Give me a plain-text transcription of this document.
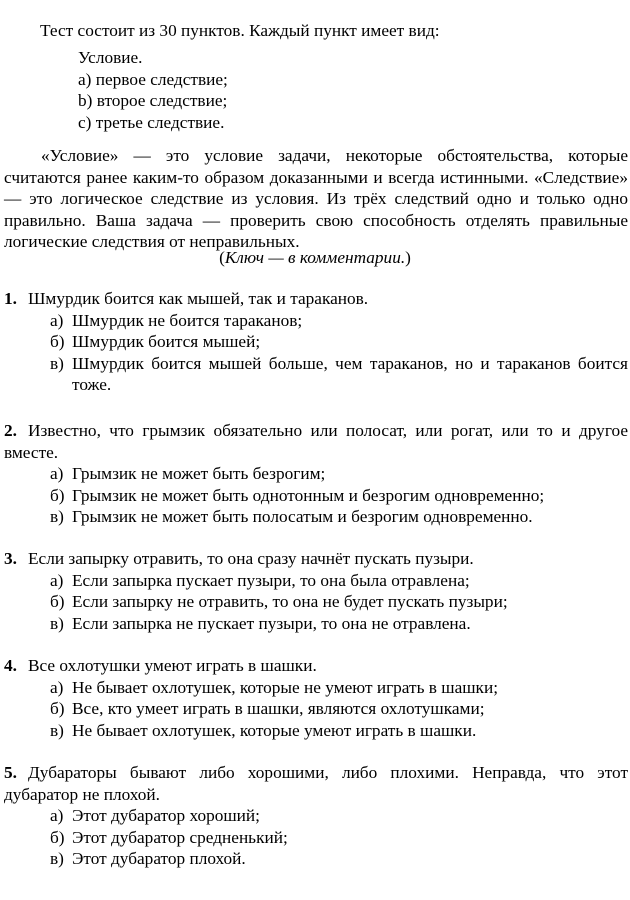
Тест состоит из 30 пунктов. Каждый пункт имеет вид:
Условие.
а) первое следствие;
b) вторoе следствие;
с) третье следствие.
«Условие» — это условие задачи, некоторые обстоятельства, которые считаются ранее каким-то образом доказанными и всегда истинными. «Следствие» — это логическое следствие из условия. Из трёх следствий одно и только одно правильно. Ваша задача — проверить свою способность отделять правильные логические следствия от неправильных.
(Ключ — в комментарии.)
1. Шмурдик боится как мышей, так и тараканов.
а) Шмурдик не боится тараканов;
б) Шмурдик боится мышей;
в) Шмурдик боится мышей больше, чем тараканов, но и тараканов боится тоже.
2. Известно, что грымзик обязательно или полосат, или рогат, или то и другое вместе.
а) Грымзик не может быть безрогим;
б) Грымзик не может быть однотонным и безрогим одновременно;
в) Грымзик не может быть полосатым и безрогим одновременно.
3. Если запырку отравить, то она сразу начнёт пускать пузыри.
а) Если запырка пускает пузыри, то она была отравлена;
б) Если запырку не отравить, то она не будет пускать пузыри;
в) Если запырка не пускает пузыри, то она не отравлена.
4. Все охлотушки умеют играть в шашки.
а) Не бывает охлотушек, которые не умеют играть в шашки;
б) Все, кто умеет играть в шашки, являются охлотушками;
в) Не бывает охлотушек, которые умеют играть в шашки.
5. Дубараторы бывают либо хорошими, либо плохими. Неправда, что этот дубаратор не плохой.
а) Этот дубаратор хороший;
б) Этот дубаратор средненький;
в) Этот дубаратор плохой.
